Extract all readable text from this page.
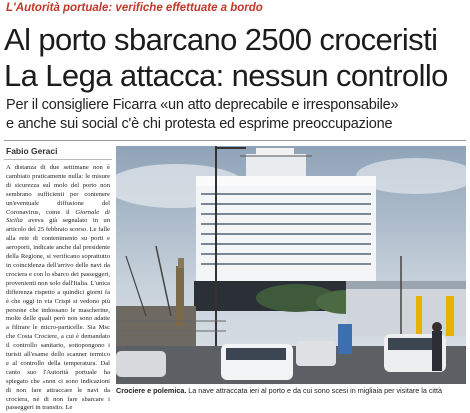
L'Autorità portuale: verifiche effettuate a bordo
Al porto sbarcano 2500 croceristi
La Lega attacca: nessun controllo
Per il consigliere Ficarra «un atto deprecabile e irresponsabile»
e anche sui social c'è chi protesta ed esprime preoccupazione
Fabio Geraci
A distanza di due settimane non è cambiato praticamente nulla: le misure di sicurezza sul molo del porto non sembrano sufficienti per contenere un'eventuale diffusione del Coronavirus, come il Giornale di Sicilia aveva già segnalato in un articolo del 25 febbraio scorso. Le falle alla rete di contenimento su porti e aeroporti, indicate anche dal presidente della Regione, si verificano soprattutto in coincidenza dell'arrivo delle navi da crociera e con lo sbarco dei passeggeri, provenienti non solo dall'Italia. L'unica differenza rispetto a quindici giorni fa è che oggi in via Crispi si vedono più persone che indossano le mascherine, molte delle quali però non sono adatte a filtrare le micro-particelle. Sia Msc che Costa Crociere, a cui è demandato il controllo sanitario, sottopongono i turisti all'esame dello scanner termico e al controllo della temperatura. Dal canto suo l'Autorità portuale ha spiegato che «non ci sono indicazioni di non fare attraccare le navi da crociera, né di non fare sbarcare i passeggeri in transito. Le
Crociere e polemica. La nave attraccata ieri al porto e da cui sono scesi in migliaia per visitare la città
